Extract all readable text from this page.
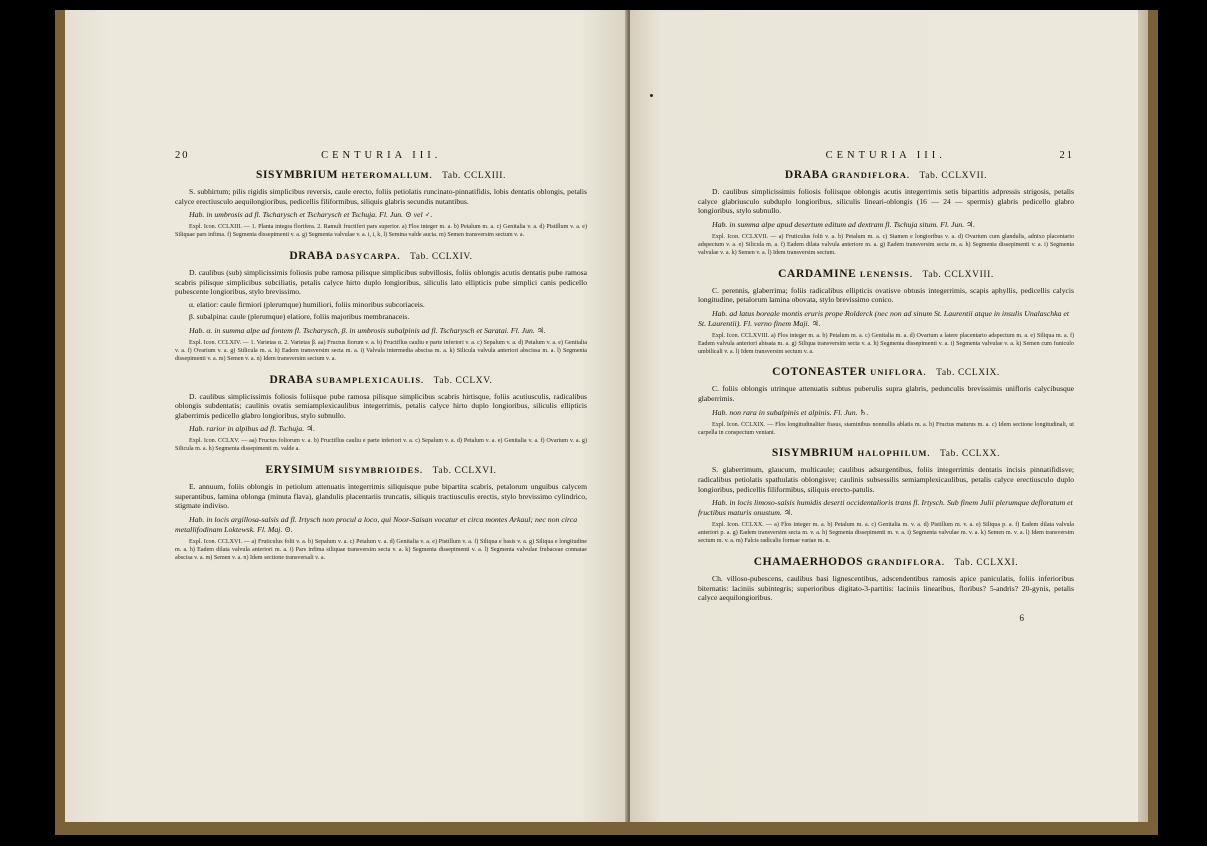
20	CENTURIA III.
SISYMBRIUM HETEROMALLUM. Tab. CCLXIII.

S. subhirtum; pilis rigidis simplicibus reversis, caule erecto, foliis petiolatis runcinato-pinnatifidis, lobis dentatis oblongis, petalis calyce erectiusculo aequilongioribus, pedicellis filiformibus, siliquis glabris secundis nutantibus.

Hab. in umbrosis ad fl. Tscharysch et Tscharysch et Tschuja. Fl. Jun. ⊙ vel ♂.

Expl. Icon. CCLXIII. — 1. Planta integra florifera. 2. Ramuli fructiferi pars superior. a) Flos integer m. a. b) Petalum m. a. c) Genitalia v. a. d) Pistillum v. a. e) Siliquae pars infima. f) Segmenta dissepimenti v. a. g) Segmenta valvulae v. a. i, i, k, l) Semina valde aucta. m) Semen transversim sectum v. a.

DRABA DASYCARPA. Tab. CCLXIV.

D. caulibus (sub) simplicissimis foliosis pube ramosa pilisque simplicibus subvillosis, foliis oblongis acutis dentatis pube ramosa scabris pilisque simplicibus subciliatis, petalis calyce hirto duplo longioribus, siliculis lato ellipticis pube simplici canis pedicello pubescente longioribus, stylo brevissimo.

α. elatior: caule firmiori (plerumque) humiliori, foliis minoribus subcoriaceis.

β. subalpina: caule (plerumque) elatiore, foliis majoribus membranaceis.

Hab. α. in summa alpe ad fontem fl. Tscharysch, β. in umbrosis subalpinis ad fl. Tscharysch et Saratai. Fl. Jun. ♃.

Expl. Icon. CCLXIV. — 1. Varietas α. 2. Varietas β. aa) Fructus fiorum v. a. b) Fructiflus cauliu e parte inferiori v. a. c) Sepalum v. a. d) Petalum v. a. e) Genitalia v. a. f) Ovarium v. a. g) Stilicula m. a. h) Eadem transversim secta m. a. i) Valvula intermedia abscisa m. a. k) Silicula valvula anteriori abscissa m. a. l) Segmenta dissepimenti v. a. m) Semen v. a. n) Idem transversim sectum v. a.

DRABA SUBAMPLEXICAULIS. Tab. CCLXV.

D. caulibus simplicissimis foliosis foliisque pube ramosa pilisque simplicibus scabris hirtisque, foliis acutiusculis, radicalibus oblongis subdentatis; caulinis ovatis semiamplexicaulibus integerrimis, petalis calyce hirto duplo longioribus, siliculis ellipticis glaberrimis pedicello glabro longioribus, stylo subnullo.

Hab. rarior in alpibus ad fl. Tschuja. ♃.

Expl. Icon. CCLXV. — aa) Fructus foliorum v. a. b) Fructiflus cauliu e parte inferiori v. a. c) Sepalum v. a. d) Petalum v. a. e) Genitalia v. a. f) Ovarium v. a. g) Silicula m. a. h) Segmenta dissepimenti m. valde a.

ERYSIMUM SISYMBRIOIDES. Tab. CCLXVI.

E. annuum, foliis oblongis in petiolum attenuatis integerrimis siliquisque pube bipartita scabris, petalorum unguibus calycem superantibus, lamina oblonga (minuta flava), glandulis placentariis truncatis, siliquis tractiusculis erectis, stylo brevissimo cylindrico, stigmate indiviso.

Hab. in locis argillosa-salsis ad fl. Irtysch non procul a loco, qui Noor-Saisan vocatur et circa montes Arkaul; nec non circa metallifodinam Loktewsk. Fl. Maj. ⊙.

Expl. Icon. CCLXVI. — a) Fruticulus folii v. a. b) Sepalum v. a. c) Petalum v. a. d) Genitalia v. a. e) Pistillum v. a. f) Siliqua e basis v. a. g) Siliqua e longitudine m. a. h) Eadem dilata valvula anteriori m. a. i) Pars infima siliquae transversim secta v. a. k) Segmenta dissepimenti v. a. l) Segmenta valvulae frubaceae connatae abscisa v. a. m) Semen v. a. n) Idem sectione transversali v. a.

CENTURIA III.	21
DRABA GRANDIFLORA. Tab. CCLXVII.

D. caulibus simplicissimis foliosis foliisque oblongis acutis integerrimis setis bipartitis adpressis strigosis, petalis calyce glabriusculo subduplo longioribus, siliculis lineari-oblongis (16 — 24 — spermis) glabris pedicello glabro longioribus, stylo subnullo.

Hab. in summa alpe apud desertum editum ad dextram fl. Tschuja situm. Fl. Jun. ♃.

Expl. Icon. CCLXVII. — a) Fruticulus folii v. a. b) Petalum m. a. c) Stamen e longioribus v. a. d) Ovarium cum glandulis, adnixo placentario adspectum v. a. e) Silicula m. a. f) Eadem dilata valvula anteriore m. a. g) Eadem transversim secta m. a. h) Segmenta dissepimenti v. a. i) Segmenta valvulae v. a. k) Semen v. a. l) Idem transversim sectum.

CARDAMINE LENENSIS. Tab. CCLXVIII.

C. perennis, glaberrima; foliis radicalibus ellipticis ovatisve obtusis integerrimis, scapis aphyllis, pedicellis calycis longitudine, petalorum lamina obovata, stylo brevissimo conico.

Hab. ad latus boreale montis eruris prope Rolderck (nec non ad sinum St. Laurentii atque in insulis Unalaschka et St. Laurentii). Fl. verno finem Maji. ♃.

Expl. Icon. CCLXVIII. a) Flos integer m. a. b) Petalum m. a. c) Genitalia m. a. d) Ovarium a latere placentario adspectum m. a. e) Siliqua m. a. f) Eadem valvula anteriori abisata m. a. g) Siliqua transversim secta v. a. h) Segmenta dissepimenti v. a. i) Segmenta valvulae v. a. k) Semen cum funiculo umbilicali v. a. l) Idem transversim sectum v. a.

COTONEASTER UNIFLORA. Tab. CCLXIX.

C. foliis oblongis utrinque attenuatis subtus puberulis supra glabris, pedunculis brevissimis unifloris calycibusque glaberrimis.

Hab. non rara in subalpinis et alpinis. Fl. Jun. ♄.

Expl. Icon. CCLXIX. — Flos longitudinaliter fissus, staminibus nonnullis ablatis m. a. b) Fructus maturus m. a. c) Idem sectione longitudinali, ut carpella in conspectum veniant.

SISYMBRIUM HALOPHILUM. Tab. CCLXX.

S. glaberrimum, glaucum, multicaule; caulibus adsurgentibus, foliis integerrimis dentatis incisis pinnatifidisve; radicalibus petiolatis spathulatis oblongisve; caulinis subsessilis semiamplexicaulibus, petalis calyce erectiusculo duplo longioribus, pedicellis filiformibus, siliquis erecto-patulis.

Hab. in locis limoso-salsis humidis deserti occidentalioris trans fl. Irtysch. Sub finem Julii plerumque defloratum et fructibus maturis onustum. ♃.

Expl. Icon. CCLXX. — a) Flos integer m. a. b) Petalum m. a. c) Genitalia m. v. a. d) Pistillum m. v. a. e) Siliqua p. a. f) Eadem dilata valvula anteriori p. a. g) Eadem transversim secta m. v. a. h) Segmenta dissepimenti m. v. a. i) Segmenta valvulae m. v. a. k) Semen m. v. a. l) Idem transversim sectum m. v. a. m) Falcis radicalis formae variae m. n.

CHAMAERHODOS GRANDIFLORA. Tab. CCLXXI.

Ch. villoso-pubescens, caulibus basi lignescentibus, adscendentibus ramosis apice paniculatis, foliis inferioribus biternatis: laciniis subintegris; superioribus digitato-3-partitis: laciniis linearibus, floribus? 5-andris? 20-gynis, petalis calyce aequilongioribus.

6
